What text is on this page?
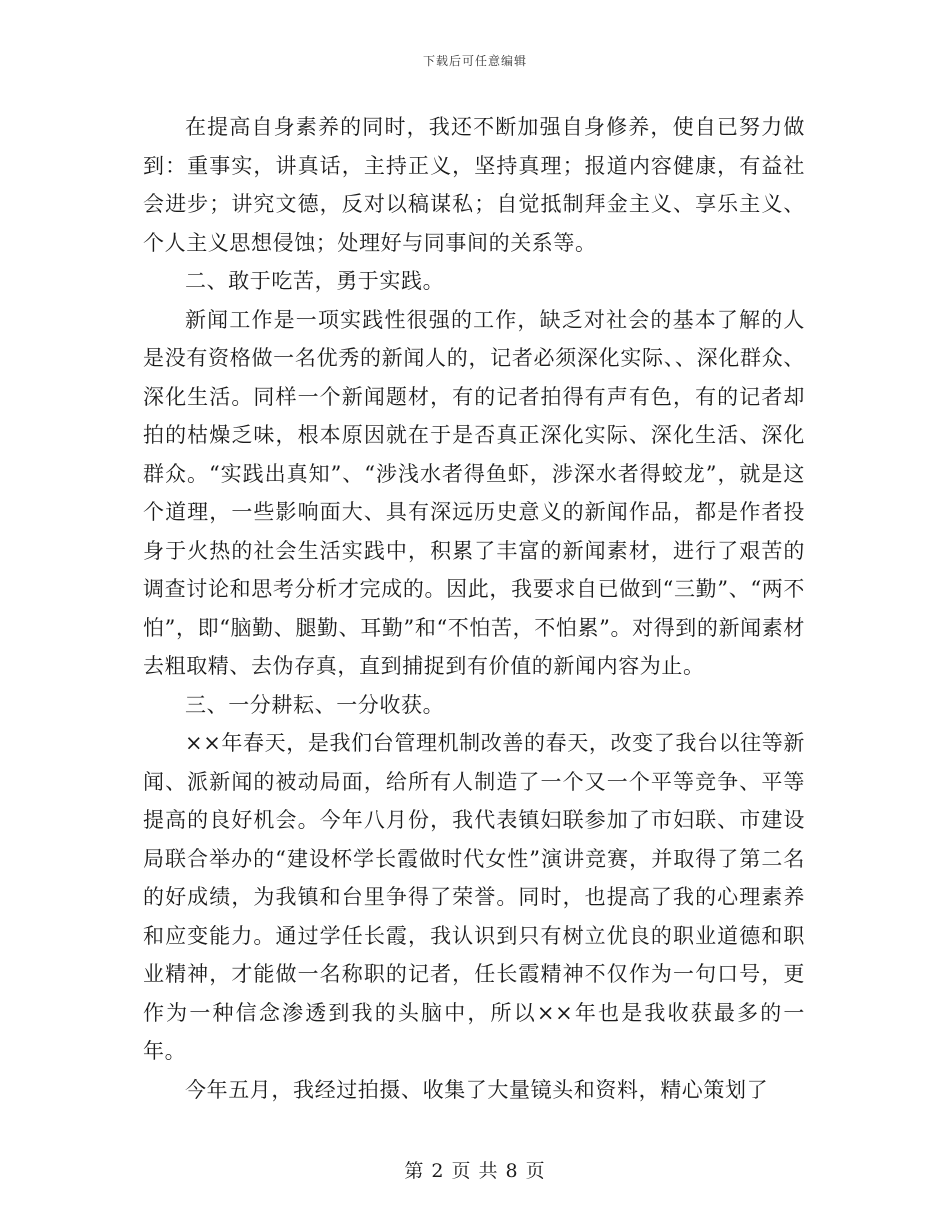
下载后可任意编辑

在提高自身素养的同时，我还不断加强自身修养，使自已努力做到：重事实，讲真话，主持正义，坚持真理；报道内容健康，有益社会进步；讲究文德，反对以稿谋私；自觉抵制拜金主义、享乐主义、个人主义思想侵蚀；处理好与同事间的关系等。

二、敢于吃苦，勇于实践。

新闻工作是一项实践性很强的工作，缺乏对社会的基本了解的人是没有资格做一名优秀的新闻人的，记者必须深化实际、、深化群众、深化生活。同样一个新闻题材，有的记者拍得有声有色，有的记者却拍的枯燥乏味，根本原因就在于是否真正深化实际、深化生活、深化群众。“实践出真知”、“涉浅水者得鱼虾，涉深水者得蛟龙”，就是这个道理，一些影响面大、具有深远历史意义的新闻作品，都是作者投身于火热的社会生活实践中，积累了丰富的新闻素材，进行了艰苦的调查讨论和思考分析才完成的。因此，我要求自已做到“三勤”、“两不怕”，即“脑勤、腿勤、耳勤”和“不怕苦，不怕累”。对得到的新闻素材去粗取精、去伪存真，直到捕捉到有价值的新闻内容为止。

三、一分耕耘、一分收获。

××年春天，是我们台管理机制改善的春天，改变了我台以往等新闻、派新闻的被动局面，给所有人制造了一个又一个平等竞争、平等提高的良好机会。今年八月份，我代表镇妇联参加了市妇联、市建设局联合举办的“建设杯学长霞做时代女性”演讲竞赛，并取得了第二名的好成绩，为我镇和台里争得了荣誉。同时，也提高了我的心理素养和应变能力。通过学任长霞，我认识到只有树立优良的职业道德和职业精神，才能做一名称职的记者，任长霞精神不仅作为一句口号，更作为一种信念渗透到我的头脑中，所以××年也是我收获最多的一年。

今年五月，我经过拍摄、收集了大量镜头和资料，精心策划了

第 2 页 共 8 页
